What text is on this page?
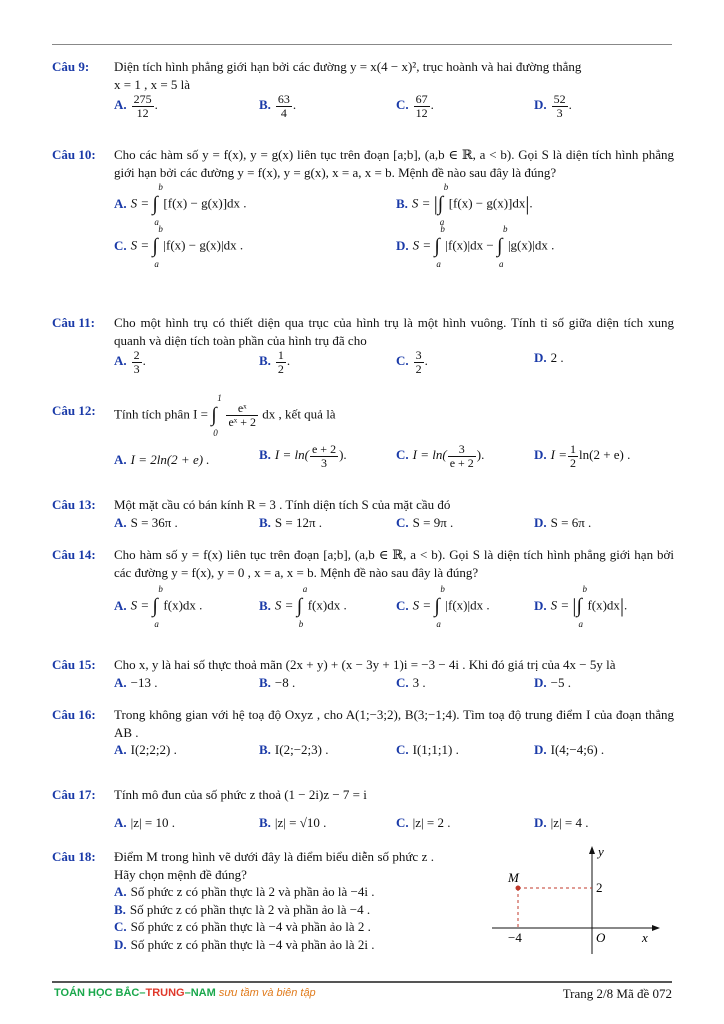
Câu 9:	Diện tích hình phẳng giới hạn bởi các đường y = x(4 − x)², trục hoành và hai đường thẳng
x = 1 , x = 5 là
A. $\frac{275}{12}$ .	B. $\frac{63}{4}$ .	C. $\frac{67}{12}$ .	D. $\frac{52}{3}$ .
Câu 10:	Cho các hàm số y = f(x), y = g(x) liên tục trên đoạn [a;b], (a,b ∈ ℝ, a < b). Gọi S là diện tích hình phẳng giới hạn bởi các đường y = f(x), y = g(x), x = a, x = b. Mệnh đề nào sau đây là đúng?
A. S =
b
∫
a
[f(x) − g(x)]dx .	B. S = |
b
∫
a
[f(x) − g(x)]dx|.
C. S =
b
∫
a
|f(x) − g(x)|dx .	D. S =
b
∫
a
|f(x)|dx −
b
∫
a
|g(x)|dx .
Câu 11:	Cho một hình trụ có thiết diện qua trục của hình trụ là một hình vuông. Tính tỉ số giữa diện tích xung quanh và diện tích toàn phần của hình trụ đã cho
D. 2 .
A. $\frac{2}{3}$ .	B. $\frac{1}{2}$ .	C. $\frac{3}{2}$ .
Câu 12:	Tính tích phân I =
1
∫
0

$\frac{\text{eˣ}}{\text{eˣ + 2}}$ dx , kết quả là
A. I = 2ln(2 + e) .	B. $I = \ln( \frac{e + 2}{3}$ ).	C. $I = \ln( \frac{3}{e + 2}$ ).	D. $I = \frac{1}{2} \ln(2 + e)$ .
Câu 13:	Một mặt cầu có bán kính R = 3 . Tính diện tích S của mặt cầu đó
A. S = 36π .	B. S = 12π .	C. S = 9π .	D. S = 6π .
Câu 14:	Cho hàm số y = f(x) liên tục trên đoạn [a;b], (a,b ∈ ℝ, a < b). Gọi S là diện tích hình phẳng giới hạn bởi các đường y = f(x), y = 0 , x = a, x = b. Mệnh đề nào sau đây là đúng?
A. S =
b
∫
a
f(x)dx .	B. S =
a
∫
b
f(x)dx .	C. S =
b
∫
a
|f(x)|dx .	D. S = |
b
∫
a
f(x)dx|.
Câu 15:	Cho x, y là hai số thực thoả mãn (2x + y) + (x − 3y + 1)i = −3 − 4i . Khi đó giá trị của 4x − 5y là
A. −13 .	B. −8 .	C. 3 .	D. −5 .
Câu 16:	Trong không gian với hệ toạ độ Oxyz , cho A(1;−3;2), B(3;−1;4). Tìm toạ độ trung điểm I của đoạn thẳng AB .
A. I(2;2;2) .	B. I(2;−2;3) .	C. I(1;1;1) .	D. I(4;−4;6) .
Câu 17:	Tính mô đun của số phức z thoả (1 − 2i)z − 7 = i
A. |z| = 10 .	B. |z| = √10 .	C. |z| = 2 .	D. |z| = 4 .
Câu 18:	Điểm M trong hình vẽ dưới đây là điểm biểu diễn số phức z . Hãy chọn mệnh đề đúng?
A. Số phức z có phần thực là 2 và phần ảo là −4i .
B. Số phức z có phần thực là 2 và phần ảo là −4 .
C. Số phức z có phần thực là −4 và phần ảo là 2 .
D. Số phức z có phần thực là −4 và phần ảo là 2i .
M
y
x
O
2
−4
TOÁN HỌC BẮC–TRUNG–NAM sưu tầm và biên tập	Trang 2/8 Mã đề 072
